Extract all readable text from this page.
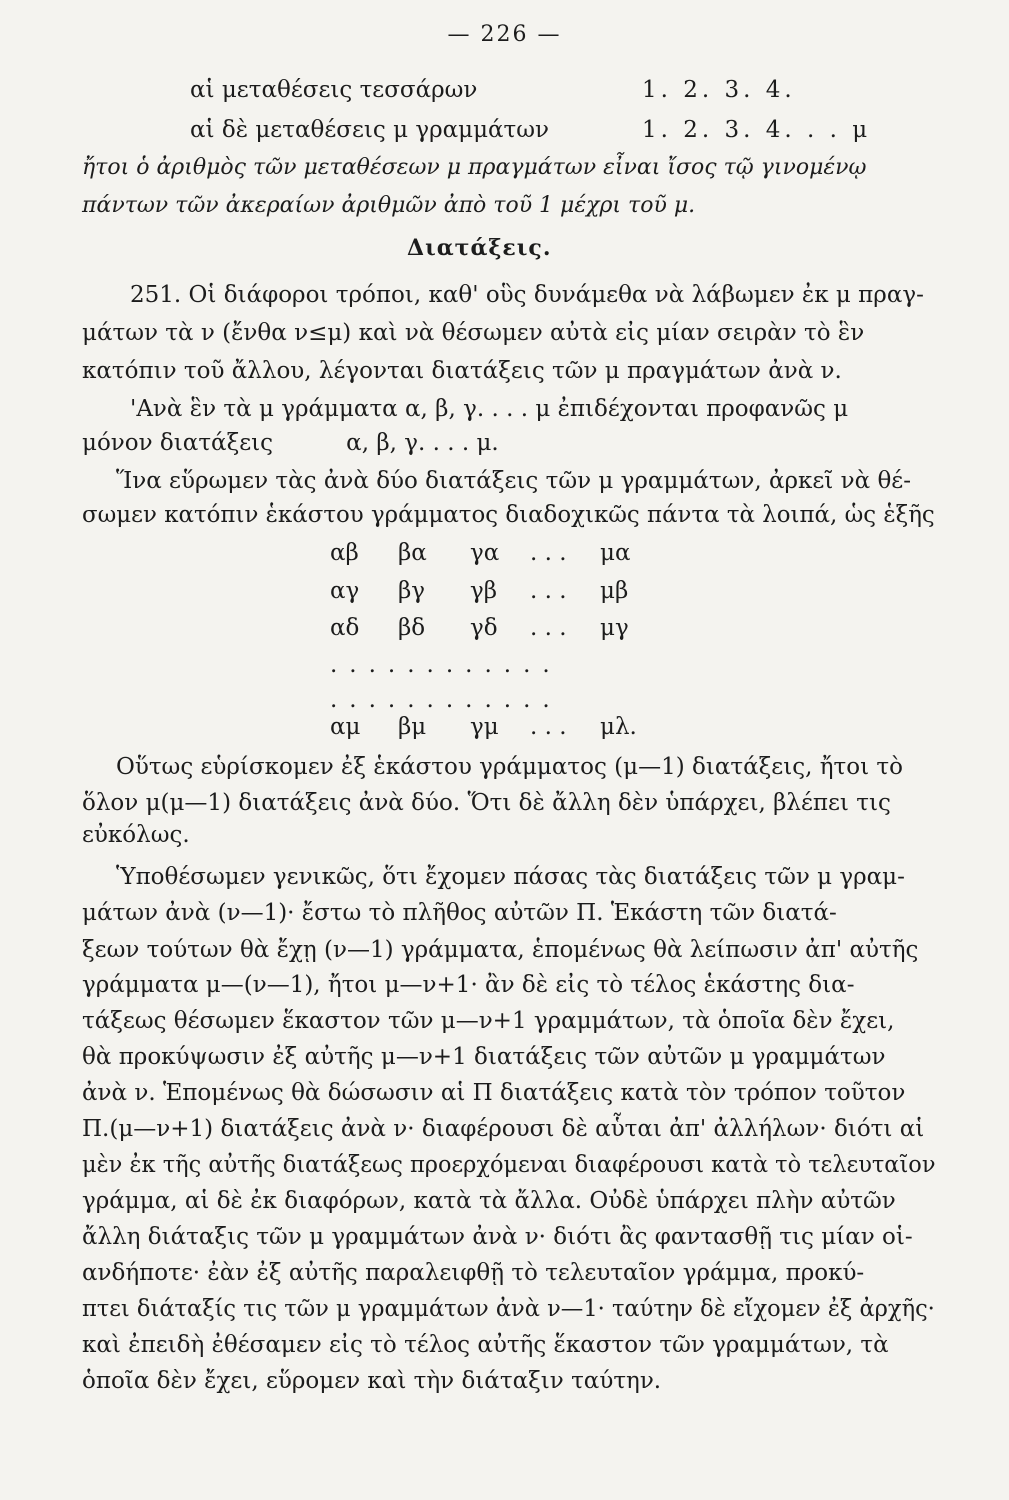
— 226 —
αἱ μεταθέσεις τεσσάρων	1. 2. 3. 4.
αἱ δὲ μεταθέσεις μ γραμμάτων	1. 2. 3. 4. . . μ
ἤτοι ὁ ἀριθμὸς τῶν μεταθέσεων μ πραγμάτων εἶναι ἴσος τῷ γινομένῳ
πάντων τῶν ἀκεραίων ἀριθμῶν ἀπὸ τοῦ 1 μέχρι τοῦ μ.
Διατάξεις.
251. Οἱ διάφοροι τρόποι, καθ' οὓς δυνάμεθα νὰ λάβωμεν ἐκ μ πραγ-
μάτων τὰ ν (ἔνθα ν≤μ) καὶ νὰ θέσωμεν αὐτὰ εἰς μίαν σειρὰν τὸ ἓν
κατόπιν τοῦ ἄλλου, λέγονται διατάξεις τῶν μ πραγμάτων ἀνὰ ν.
'Ανὰ ἓν τὰ μ γράμματα α, β, γ. . . . μ ἐπιδέχονται προφανῶς μ
μόνον διατάξεις          α, β, γ. . . . μ.
Ἵνα εὕρωμεν τὰς ἀνὰ δύο διατάξεις τῶν μ γραμμάτων, ἀρκεῖ νὰ θέ-
σωμεν κατόπιν ἑκάστου γράμματος διαδοχικῶς πάντα τὰ λοιπά, ὡς ἑξῆς
αβ βα γα . . . μα
αγ βγ γβ . . . μβ
αδ βδ γδ . . . μγ
............
............
αμ βμ γμ . . . μλ.
Οὕτως εὑρίσκομεν ἐξ ἑκάστου γράμματος (μ—1) διατάξεις, ἤτοι τὸ
ὅλον μ(μ—1) διατάξεις ἀνὰ δύο. Ὅτι δὲ ἄλλη δὲν ὑπάρχει, βλέπει τις
εὐκόλως.
Ὑποθέσωμεν γενικῶς, ὅτι ἔχομεν πάσας τὰς διατάξεις τῶν μ γραμ-
μάτων ἀνὰ (ν—1)· ἔστω τὸ πλῆθος αὐτῶν Π. Ἑκάστη τῶν διατά-
ξεων τούτων θὰ ἔχῃ (ν—1) γράμματα, ἑπομένως θὰ λείπωσιν ἀπ' αὐτῆς
γράμματα μ—(ν—1), ἤτοι μ—ν+1· ἂν δὲ εἰς τὸ τέλος ἑκάστης δια-
τάξεως θέσωμεν ἕκαστον τῶν μ—ν+1 γραμμάτων, τὰ ὁποῖα δὲν ἔχει,
θὰ προκύψωσιν ἐξ αὐτῆς μ—ν+1 διατάξεις τῶν αὐτῶν μ γραμμάτων
ἀνὰ ν. Ἑπομένως θὰ δώσωσιν αἱ Π διατάξεις κατὰ τὸν τρόπον τοῦτον
Π.(μ—ν+1) διατάξεις ἀνὰ ν· διαφέρουσι δὲ αὗται ἀπ' ἀλλήλων· διότι αἱ
μὲν ἐκ τῆς αὐτῆς διατάξεως προερχόμεναι διαφέρουσι κατὰ τὸ τελευταῖον
γράμμα, αἱ δὲ ἐκ διαφόρων, κατὰ τὰ ἄλλα. Οὐδὲ ὑπάρχει πλὴν αὐτῶν
ἄλλη διάταξις τῶν μ γραμμάτων ἀνὰ ν· διότι ἂς φαντασθῇ τις μίαν οἱ-
ανδήποτε· ἐὰν ἐξ αὐτῆς παραλειφθῇ τὸ τελευταῖον γράμμα, προκύ-
πτει διάταξίς τις τῶν μ γραμμάτων ἀνὰ ν—1· ταύτην δὲ εἴχομεν ἐξ ἀρχῆς·
καὶ ἐπειδὴ ἐθέσαμεν εἰς τὸ τέλος αὐτῆς ἕκαστον τῶν γραμμάτων, τὰ
ὁποῖα δὲν ἔχει, εὕρομεν καὶ τὴν διάταξιν ταύτην.
